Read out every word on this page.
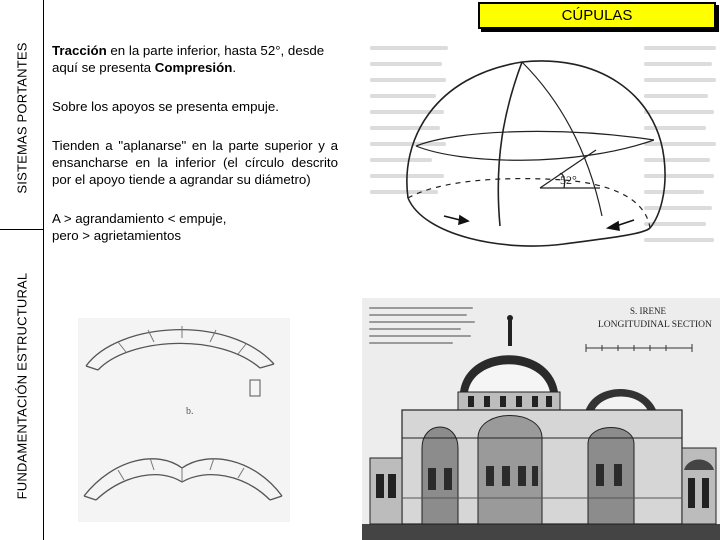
SISTEMAS PORTANTES
FUNDAMENTACIÓN ESTRUCTURAL
CÚPULAS

Tracción en la parte inferior, hasta 52°, desde aquí se presenta Compresión.

Sobre los apoyos se presenta empuje.

Tienden a "aplanarse" en la parte superior y a ensancharse en la inferior (el círculo descrito por el apoyo tiende a agrandar su diámetro)

A > agrandamiento < empuje,
pero > agrietamientos

52°
b.
S. IRENE
LONGITUDINAL SECTION
